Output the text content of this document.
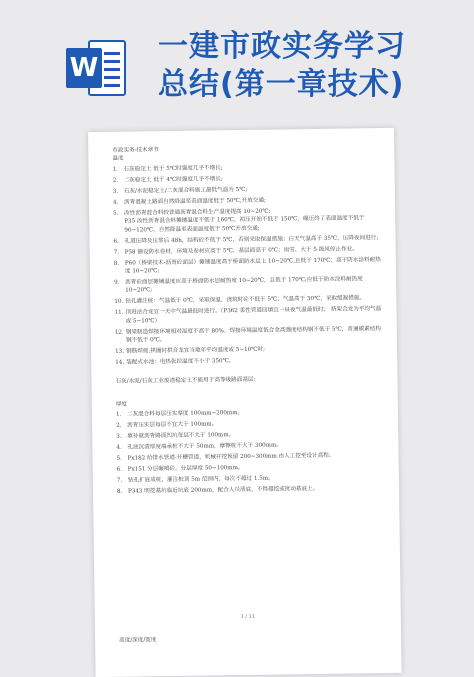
W
一建市政实务学习
总结(第一章技术)

市政实务-技术章节

温度

1. 石灰稳定土 低于 5℃时强度几乎不增长;
2. 二灰稳定土 低于 4℃时强度几乎不增长;
3. 石灰/水泥稳定土/二灰混合料施工最低气温为 5℃;
4. 沥青混凝土路面自然降温至表面温度低于 50℃,开放交通;
5. 改性沥青混合料较普通沥青混合料生产温度提高 10~20℃;
P35 改性沥青混合料摊铺温度不低于 160℃，初压开始不低于 150℃，碾压终了表面温度不低于 90~120℃，自然降温至表面温度低于 50℃开放交通;
6. 孔道压降及压浆后 48h，结构砼不低于 5℃，否则采取保温措施；白天气温高于 35℃，压降夜间进行;
7. P58 铺设防水卷材，环境及卷材应高于 5℃，基层面高于 0℃；雨雪、大于 5 级风停止作业。
8. P60（桥梁技术-沥青砼面层）摊铺温度高于桥面防水层上 10~20℃,且低于 170℃；高于防水涂料耐热度 10~20℃;
9. 沥青砼面层摊铺温度应高于桥面防水层耐热度 10~20℃，且低于 170℃;应低于防水涂料耐热度 10~20℃;
10. 钻孔灌注桩：气温低于 0℃，采取保温，浇筑时砼不低于 5℃；气温高于 30℃，采取缓凝措施。
11. 顶进法合龙宜一天中气温最低时进行。（P362 柔性管道回填宜一昼夜气温最低时； 挤架合龙为平均气温或 5~10℃）
12. 钢梁制造焊接环境相对湿度不高于 80%，焊接环境温度低合金高强度结构钢不低于 5℃，普通碳素结构钢不低于 0℃。
13. 钢筋焊接,拱圈封拱合龙宜当地年平均温度或 5~10℃时;
14. 装配式水池：电热张拉温度不小于 350℃。

石灰/水泥/石灰工业废渣稳定土不能用于高等级路面基层;

厚度

1. 二灰混合料每层压实厚度 100mm~200mm。
2. 沥青压实层每层不宜大于 100mm。
3. 填补就沥青路面凹坑每层不大于 100mm。
4. 孔底沉渣厚度端承桩不大于 50mm，摩擦桩不大于 300mm。
5. Px182 给排水管道-开槽管道，机械开挖预留 200~300mm 由人工挖至设计高程。
6. Px151 分层碾喷砼，分层厚度 50~100mm。
7. 钻孔扩底成桩，灌注桩顶 5m 范围内，每次不超过 1.5m。
8. P343 明挖基坑临近坑底 200mm，配合人员清底，不得超挖或扰动基底土。
1 / 11
高度/深度/宽度
